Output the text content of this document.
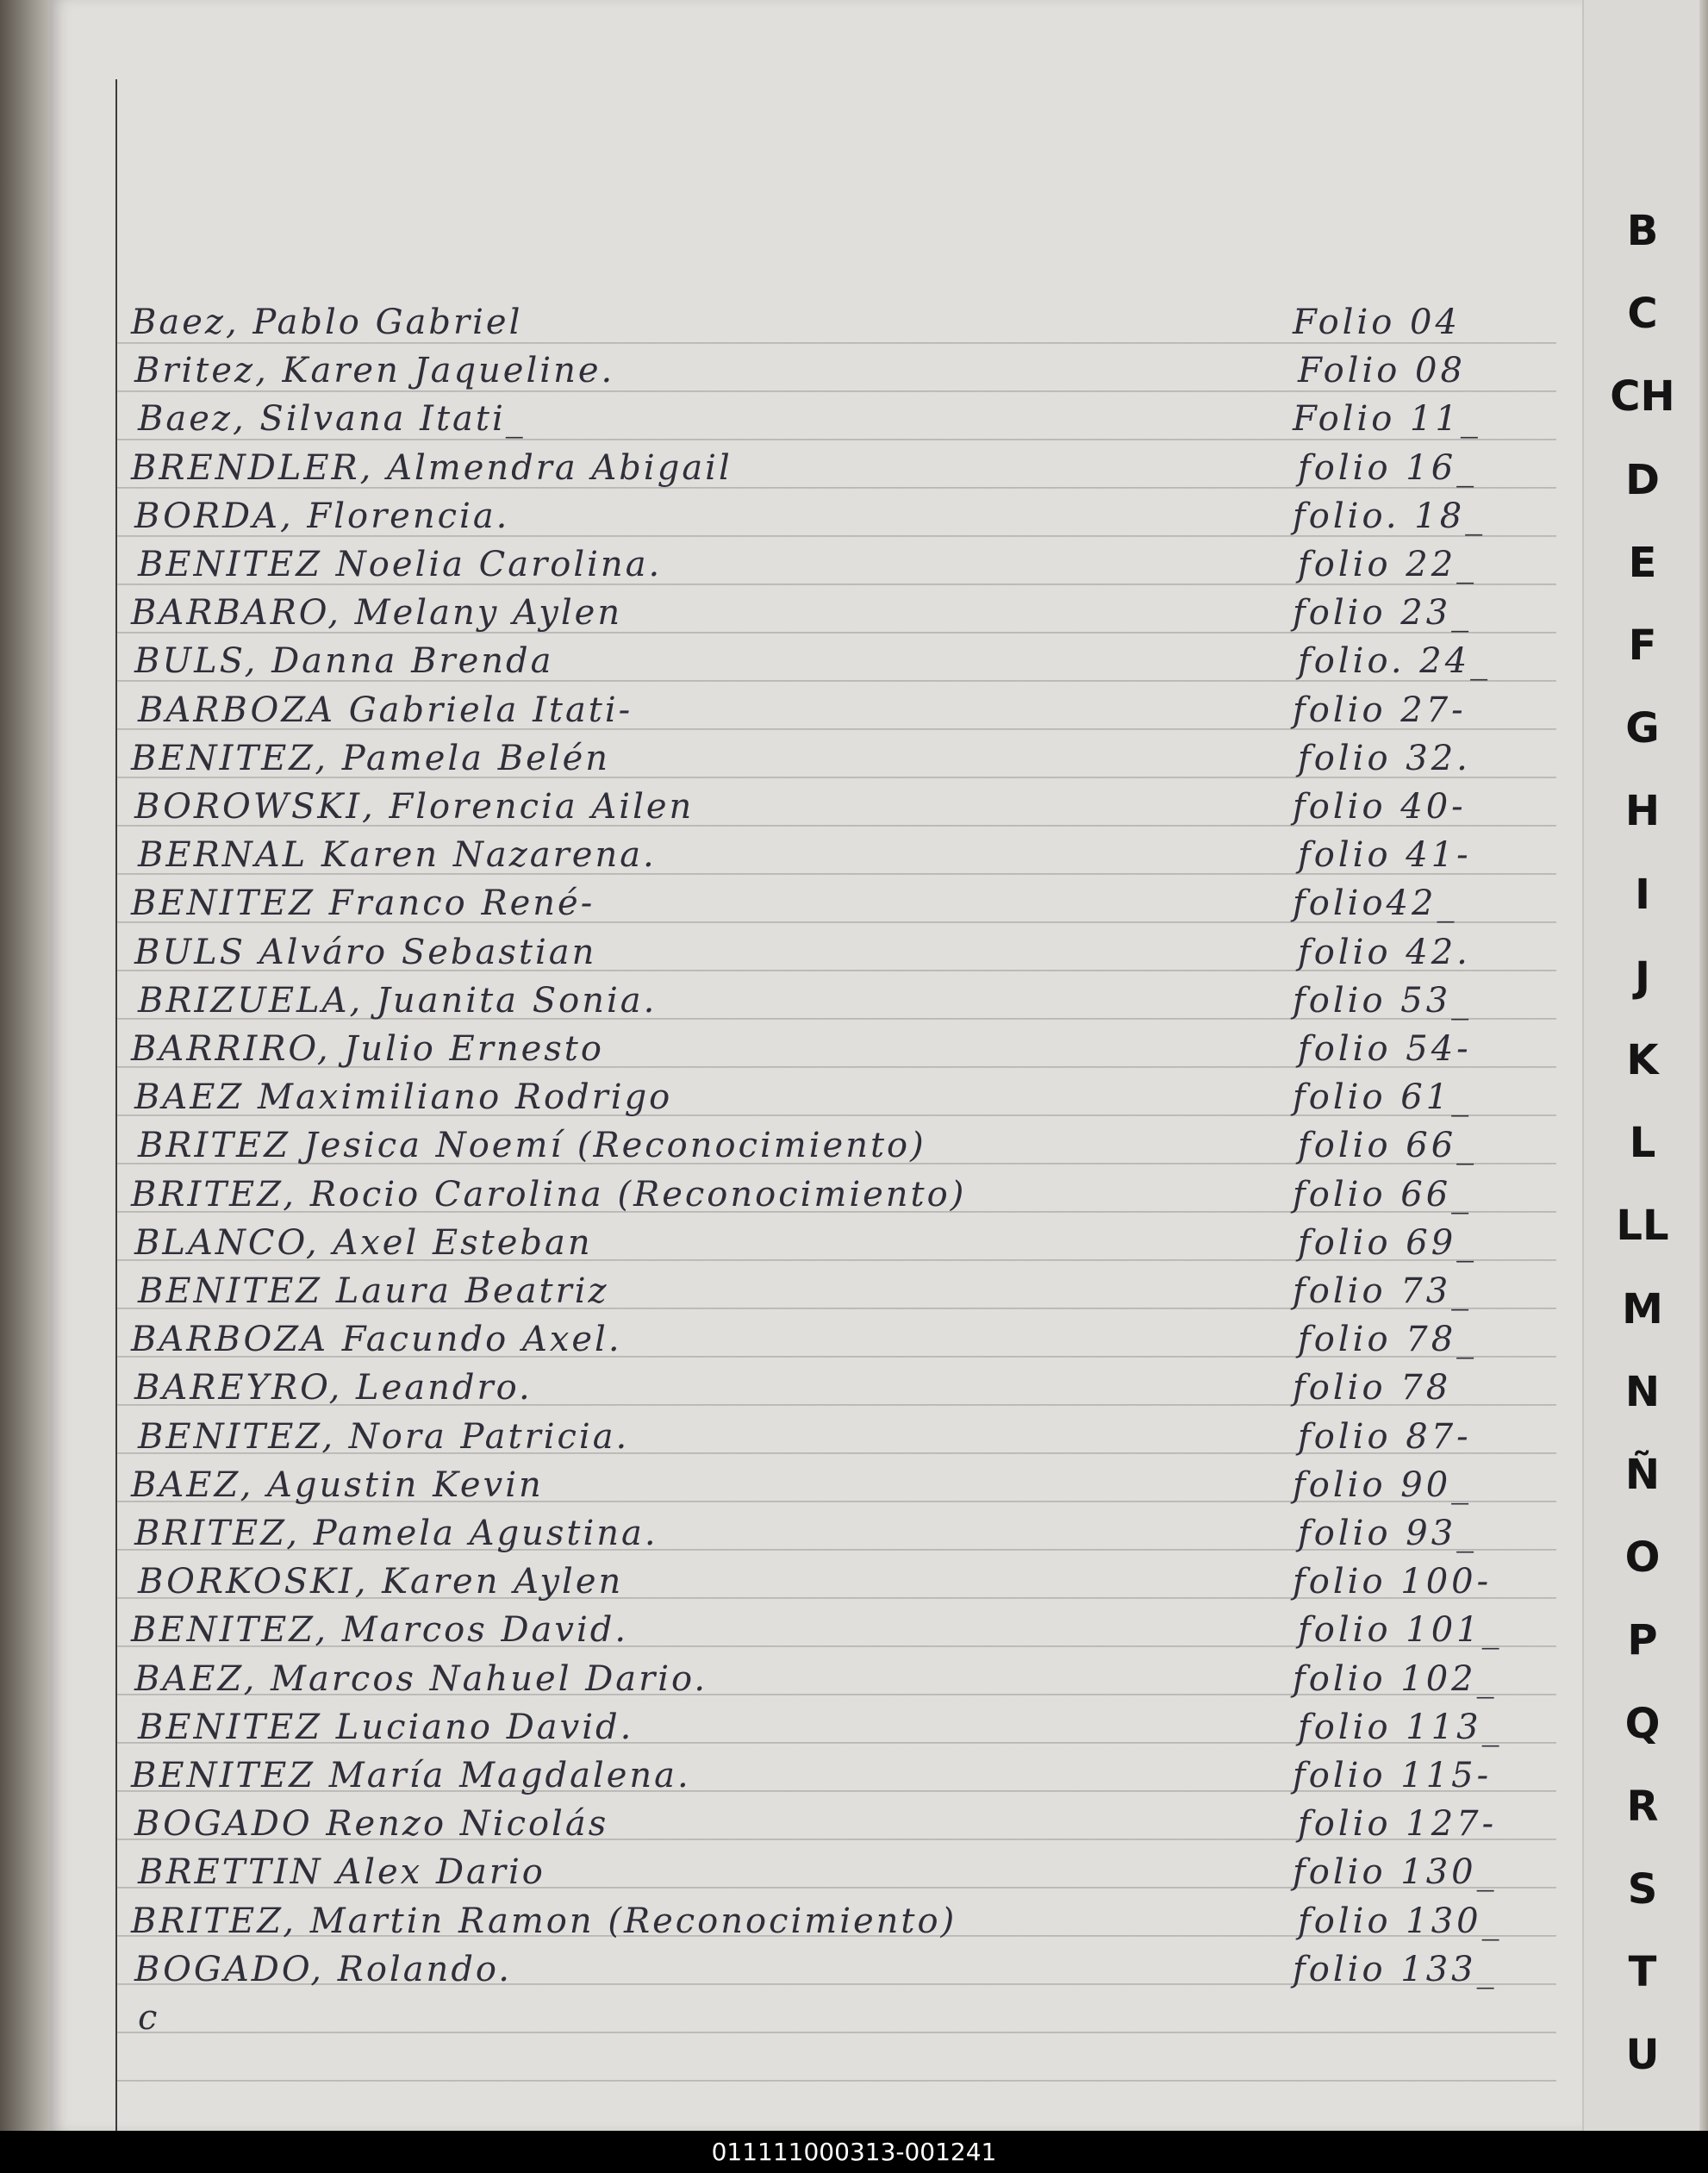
B
C
CH
D
E
F
G
H
I
J
K
L
LL
M
N
Ñ
O
P
Q
R
S
T
U
Baez, Pablo Gabriel	Folio 04
Britez, Karen Jaqueline.	Folio 08
Baez, Silvana Itati_	Folio 11_
BRENDLER, Almendra Abigail	folio 16_
BORDA, Florencia.	folio. 18_
BENITEZ Noelia Carolina.	folio 22_
BARBARO, Melany Aylen	folio 23_
BULS, Danna Brenda	folio. 24_
BARBOZA Gabriela Itati-	folio 27-
BENITEZ, Pamela Belén	folio 32.
BOROWSKI, Florencia Ailen	folio 40-
BERNAL Karen Nazarena.	folio 41-
BENITEZ Franco René-	folio42_
BULS Alváro Sebastian	folio 42.
BRIZUELA, Juanita Sonia.	folio 53_
BARRIRO, Julio Ernesto	folio 54-
BAEZ Maximiliano Rodrigo	folio 61_
BRITEZ Jesica Noemí (Reconocimiento)	folio 66_
BRITEZ, Rocio Carolina (Reconocimiento)	folio 66_
BLANCO, Axel Esteban	folio 69_
BENITEZ Laura Beatriz	folio 73_
BARBOZA Facundo Axel.	folio 78_
BAREYRO, Leandro.	folio 78
BENITEZ, Nora Patricia.	folio 87-
BAEZ, Agustin Kevin	folio 90_
BRITEZ, Pamela Agustina.	folio 93_
BORKOSKI, Karen Aylen	folio 100-
BENITEZ, Marcos David.	folio 101_
BAEZ, Marcos Nahuel Dario.	folio 102_
BENITEZ Luciano David.	folio 113_
BENITEZ María Magdalena.	folio 115-
BOGADO Renzo Nicolás	folio 127-
BRETTIN Alex Dario	folio 130_
BRITEZ, Martin Ramon (Reconocimiento)	folio 130_
BOGADO, Rolando.	folio 133_
c
011111000313-001241
